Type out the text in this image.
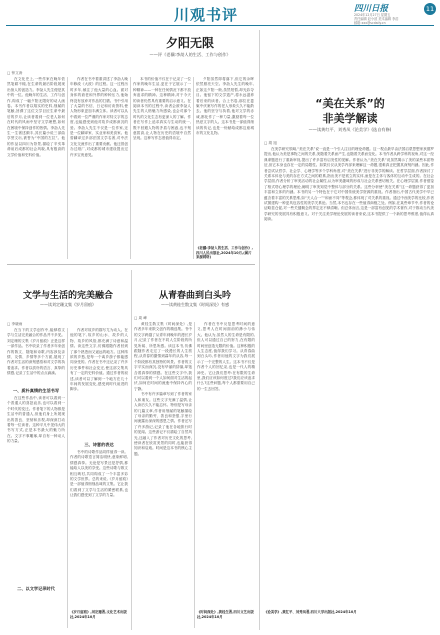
川观书评	四川日报	11
2024年12月27日 星期五
责任编辑 赵小波 美术编辑 李浩
邮箱:xxx@scdaily.cn
夕阳无限
——评《老骥:李劼人的生活、工作与创作》
□ 钟文涛

在文化史上,一些作家在晚年依然笔耕不辍,在生命的最后阶段展现出惊人的创造力。李劼人先生便是其中的一位。他晚年的生活、工作与创作,构成了一幅夕阳无限好的动人画卷。本书作者以翔实的史料,细腻的笔触,回溯了这位文学巨匠生命中最后的岁月,让读者看到一位老人如何在时代的风雨中坚守文学理想,如何在困境中保持创作的热情。李劼人先生一生著述颇丰,其长篇小说三部曲享誉文坛,被誉为“中国的左拉”。他的作品以四川为背景,描绘了辛亥革命前后成都的社会风貌,具有极高的文学价值和史料价值。

作者在书中着重讲述了李劼人晚年修改《大波》的过程。这一过程历时多年,倾注了他大量的心血。面对身体的衰老和外界的种种压力,他始终没有放弃对作品的打磨。书中引用了大量的书信、日记和访谈资料,使人物形象更加丰满立体。读者可以从中看到一位严谨的作家对待文字的态度,也能感受到他对故乡成都深沉的爱。李劼人先生不仅是一位作家,还是一位翻译家、实业家和美食家。他曾翻译过多部法国文学名著,对中法文化交流作出了重要贡献。他还曾创办过纸厂,对成都的城市建设提出过许多宝贵意见。

本书的价值不仅在于记录了一位作家的晚年生活,更在于它展示了一种精神——一种在任何情况下都不放弃追求的精神。这种精神,对于今天的读者仍然具有重要的启示意义。在阅读本书的过程中,读者会被李劼人先生的人格魅力所感染,也会对那个时代的文化生态有更深入的了解。作者在写作上追求真实与生动的统一,既不回避人物的矛盾与困惑,也不刻意拔高,让人物在历史的语境中自然呈现。这种写作态度值得肯定。

夕阳虽然即将落下,但它的余晖依然照亮天空。李劼人先生的晚年,正如这夕阳一般,虽然短暂,却光彩夺目。他留下的文学遗产,将永远滋养着后来的读者。合上书卷,那位在菱窠中伏案写作的老人形象久久不能散去。他的坚守与执着,他对文学的赤诚,都化作了一种力量,激励着每一位热爱文字的人。这本书是一部值得细读的传记,也是一份献给成都这座城市的文化礼物。

《老骥:李劼人的生活、工作与创作》,四川人民出版社,2024年10月,(图片来源网络)
“美在关系”的
非美学解读
——读黄红平、刘秀凤《论美学》(选自有修)
□ 胡 旭

在美学研究领域,“美在关系”说一直是一个引人注目的理论命题。这一观点最早由法国启蒙思想家狄德罗提出,他认为美是事物之间的关系,美随着关系而产生,也随着关系而变化。本书作者从跨学科的视角,对这一经典命题进行了重新审视,提出了许多富有启发性的见解。作者认为,“美在关系”说虽然揭示了美的某些本质特征,但它本身也存在一定的局限性。如果仅仅从美学内部来理解这一命题,很难真正把握其深刻内涵。因此,作者尝试从哲学、社会学、心理学等多个学科角度,对“美在关系”进行非美学的解读。在哲学层面,作者探讨了关系本体论与美的存在方式之间的联系,指出美不是孤立的实体,而是在主体与客体的互动中生成的。在社会学层面,作者分析了审美活动的社会属性,认为审美趣味的形成与社会关系密切相关。在心理学层面,作者借鉴了格式塔心理学的理论,阐明了审美知觉中整体与部分的关系。这些分析使“美在关系”这一命题获得了更加丰富和立体的内涵。本书的另一个特色在于它对中国传统美学资源的重视。作者指出,中国古代美学中早已蕴含着丰富的关系思维,如“天人合一”“和而不同”等观念,都体现了对关系的重视。通过中西美学的比较,作者试图建构一种更具包容性的美学关系论。当然,本书也存在一些值得商榷之处。例如,在某些章节中,作者的论证略显仓促,对一些关键概念的界定还不够清晰。但总体而言,这是一部富有创见的学术著作,对于推动当代美学研究的发展具有积极意义。对于关注美学理论发展的读者来说,这本书提供了一个新的思考维度,值得认真阅读。

《论美学》,黄红平、刘秀凤著,四川大学出版社,2024年10月
文学与生活的完美融合
——读刘定珊文集《岁月留痕》
□ 李晓雨

在当下的文学创作中,能够将文学与生活完美融合的作品并不多见。刘定珊的文集《岁月留痕》正是这样一部作品。书中收录了作者多年来创作的散文、随笔和诗歌,内容涉及亲情、友情、乡情等多个方面,展现了作者对生活的深刻感悟和对文学的执着追求。作者以质朴的语言、真挚的情感,记录了生活中的点点滴滴。

一、质朴真情的生活书写

在这些作品中,读者可以看到一个普通人的喜怒哀乐,也可以看到一个时代的变迁。作者笔下的人物都是生活中的普通人,但他们身上所展现出的善良、坚韧和乐观,却深深打动着每一位读者。这种平凡中见伟大的书写方式,正是本书最大的魅力所在。文字不事雕琢,却自有一种动人的力量。

二、以文学记录时代

作者对故乡的描写尤为动人。在他的笔下,故乡的山水、故乡的人物、故乡的风俗,都充满了诗意和温情。读这些文字,仿佛跟随作者回到了那个熟悉而又遥远的地方。这种浓浓的乡愁,是每一个离乡游子都能感同身受的。作者在书中还记录了许多历史事件和社会变迁,使这部文集具有了一定的史料价值。通过作者的叙述,读者可以了解到一个地方在几十年间的发展变化,感受到时代前进的脚步。

三、诗意的表达

书中的诗歌作品同样值得一读。作者的诗歌语言简洁明快,意象鲜明,情感真挚。无论是写景还是抒情,都能给人以美的享受。这些诗歌与散文相互映衬,共同构成了一个丰富多彩的文学世界。总的来说,《岁月留痕》是一部值得细细品味的文集。它让我们看到了文学与生活的紧密联系,也让我们感受到了文学的力量。

《岁月留痕》,刘定珊著,文化艺术出版社,2024年10月
从青春曲到白头吟
——读黄桂生散文集《时间深处》有感
□ 周 峰

黄桂生散文集《时间深处》,是作者多年来散文创作的精选集。书中的文字跨越了从青年到晚年的漫长岁月,记录了作者在不同人生阶段的所见所闻、所思所感。读这本书,仿佛跟随作者走过了一段漫长的人生旅程,从青春的激情到暮年的从容,每一个阶段都有其独特的风景。作者的文字平实而深沉,没有华丽的辞藻,却饱含着真挚的情感。在这些文字中,我们可以看到一个人如何面对生活的起伏,如何在时间的流逝中保持内心的宁静。

书中有许多篇章写到了作者的家人和朋友。这些文字充满了温情,让人读后久久不能忘怀。特别是写母亲的几篇文章,作者用细腻的笔触描绘了母亲的勤劳、善良和坚强,字里行间流露出深深的感恩之情。作者还写了许多游记,记录了他在各地旅行时的见闻。这些游记不仅描绘了自然风光,还融入了作者对历史文化的思考,使读者在欣赏美景的同时,也能获得知识和启迪。时间是这本书的核心主题。

作者在书中反复思考时间的意义,思考人在时间面前的渺小与伟大。他认为,虽然人的生命是有限的,但人可以通过自己的努力,在有限的时间里创造无限的价值。这种积极的人生态度,值得我们学习。从青春曲到白头吟,作者用他的文字为我们展示了一个完整的人生。这本书不仅是作者个人的回忆录,也是一代人的精神史。它让我们思考:在有限的生命里,我们应该如何度过?我们应该追求什么?这些问题,每个人都需要用自己的一生去回答。

《时间深处》,黄桂生著,四川文艺出版社,2024年10月
